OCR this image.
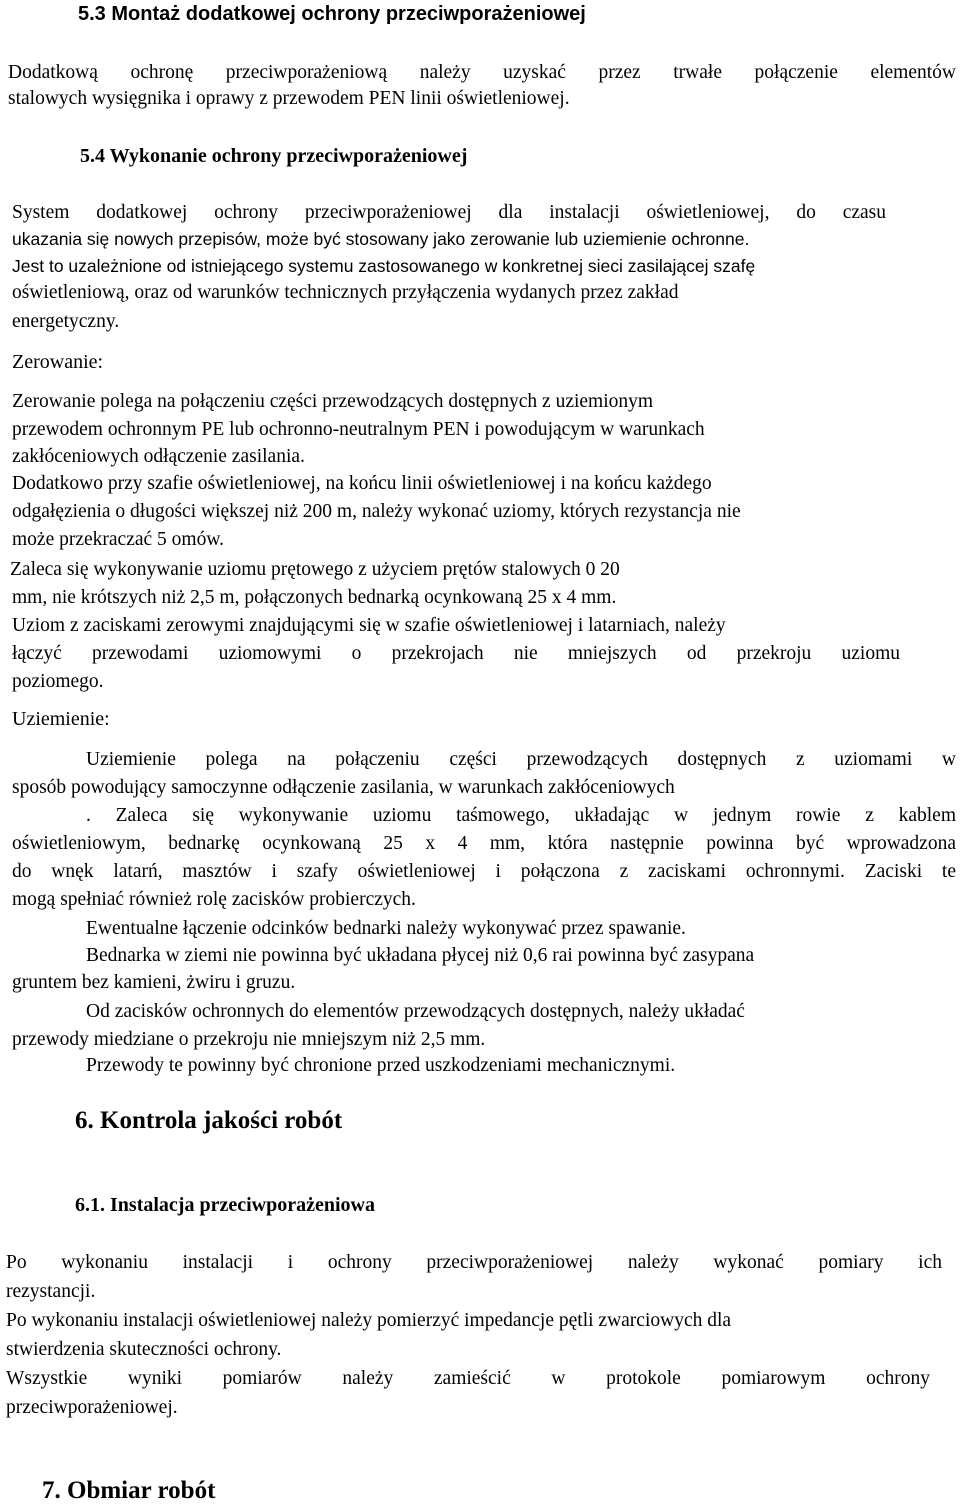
5.3 Montaż dodatkowej ochrony przeciwporażeniowej
Dodatkową ochronę przeciwporażeniową należy uzyskać przez trwałe połączenie elementów
stalowych wysięgnika i oprawy z przewodem PEN linii oświetleniowej.
5.4 Wykonanie ochrony przeciwporażeniowej
System dodatkowej ochrony przeciwporażeniowej dla instalacji oświetleniowej, do czasu
ukazania się nowych przepisów, może być stosowany jako zerowanie lub uziemienie ochronne.
Jest to uzależnione od istniejącego systemu zastosowanego w konkretnej sieci zasilającej szafę
oświetleniową, oraz od warunków technicznych przyłączenia wydanych przez zakład
energetyczny.
Zerowanie:
Zerowanie polega na połączeniu części przewodzących dostępnych z uziemionym
przewodem ochronnym PE lub ochronno-neutralnym PEN i powodującym w warunkach
zakłóceniowych odłączenie zasilania.
Dodatkowo przy szafie oświetleniowej, na końcu linii oświetleniowej i na końcu każdego
odgałęzienia o długości większej niż 200 m, należy wykonać uziomy, których rezystancja nie
może przekraczać 5 omów.
Zaleca się wykonywanie uziomu prętowego z użyciem prętów stalowych 0 20
mm, nie krótszych niż 2,5 m, połączonych bednarką ocynkowaną 25 x 4 mm.
Uziom z zaciskami zerowymi znajdującymi się w szafie oświetleniowej i latarniach, należy
łączyć przewodami uziomowymi o przekrojach nie mniejszych od przekroju uziomu
poziomego.
Uziemienie:
Uziemienie polega na połączeniu części przewodzących dostępnych z uziomami w
sposób powodujący samoczynne odłączenie zasilania, w warunkach zakłóceniowych
. Zaleca się wykonywanie uziomu taśmowego, układając w jednym rowie z kablem
oświetleniowym, bednarkę ocynkowaną 25 x 4 mm, która następnie powinna być wprowadzona
do wnęk latarń, masztów i szafy oświetleniowej i połączona z zaciskami ochronnymi. Zaciski te
mogą spełniać również rolę zacisków probierczych.
Ewentualne łączenie odcinków bednarki należy wykonywać przez spawanie.
Bednarka w ziemi nie powinna być układana płycej niż 0,6 rai powinna być zasypana
gruntem bez kamieni, żwiru i gruzu.
Od zacisków ochronnych do elementów przewodzących dostępnych, należy układać
przewody miedziane o przekroju nie mniejszym niż 2,5 mm.
Przewody te powinny być chronione przed uszkodzeniami mechanicznymi.
6. Kontrola jakości robót
6.1. Instalacja przeciwporażeniowa
Po wykonaniu instalacji i ochrony przeciwporażeniowej należy wykonać pomiary ich
rezystancji.
Po wykonaniu instalacji oświetleniowej należy pomierzyć impedancje pętli zwarciowych dla
stwierdzenia skuteczności ochrony.
Wszystkie wyniki pomiarów należy zamieścić w protokole pomiarowym ochrony
przeciwporażeniowej.
7. Obmiar robót
